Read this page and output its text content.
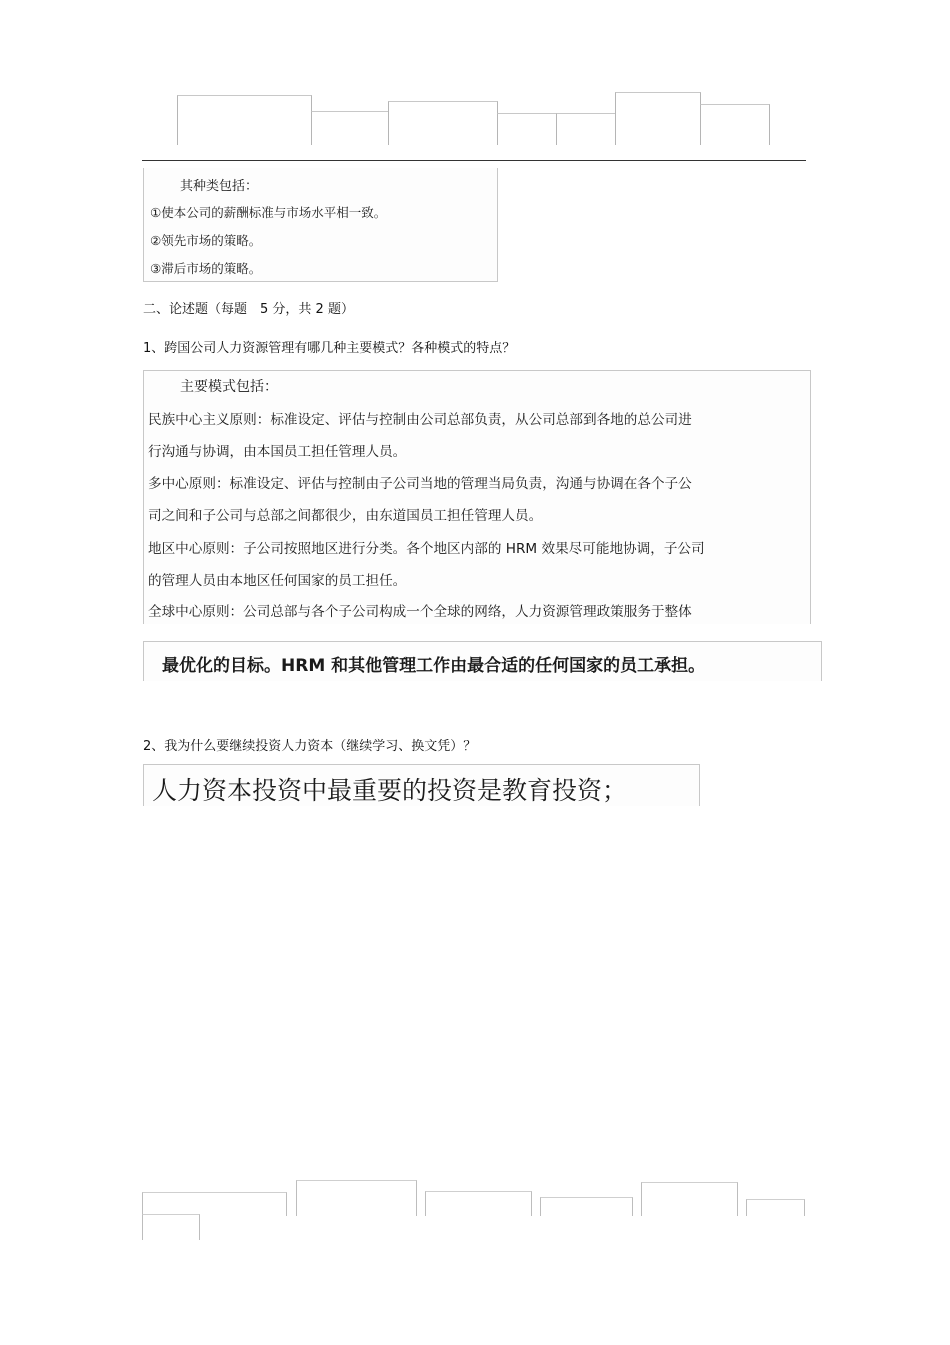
其种类包括：
①使本公司的薪酬标准与市场水平相一致。
②领先市场的策略。
③滞后市场的策略。
二、论述题（每题　5 分，共 2 题）
1、跨国公司人力资源管理有哪几种主要模式？各种模式的特点？
主要模式包括：
民族中心主义原则：标准设定、评估与控制由公司总部负责，从公司总部到各地的总公司进
行沟通与协调，由本国员工担任管理人员。
多中心原则：标准设定、评估与控制由子公司当地的管理当局负责，沟通与协调在各个子公
司之间和子公司与总部之间都很少，由东道国员工担任管理人员。
地区中心原则：子公司按照地区进行分类。各个地区内部的 HRM 效果尽可能地协调，子公司
的管理人员由本地区任何国家的员工担任。
全球中心原则：公司总部与各个子公司构成一个全球的网络，人力资源管理政策服务于整体
最优化的目标。HRM 和其他管理工作由最合适的任何国家的员工承担。
2、我为什么要继续投资人力资本（继续学习、换文凭）？
人力资本投资中最重要的投资是教育投资；
